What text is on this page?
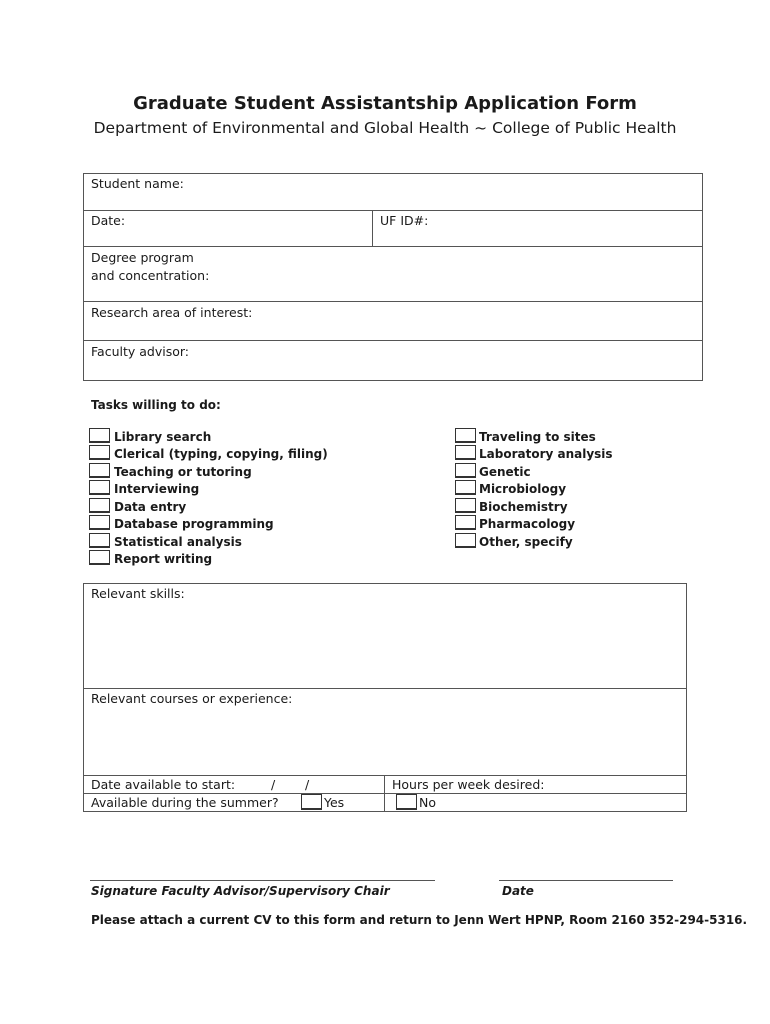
Graduate Student Assistantship Application Form
Department of Environmental and Global Health ~ College of Public Health
Student name:
Date:	UF ID#:
Degree program
and concentration:
Research area of interest:
Faculty advisor:
Tasks willing to do:
Library search
Clerical (typing, copying, filing)
Teaching or tutoring
Interviewing
Data entry
Database programming
Statistical analysis
Report writing
Traveling to sites
Laboratory analysis
Genetic
Microbiology
Biochemistry
Pharmacology
Other, specify
Relevant skills:
Relevant courses or experience:
Date available to start:	/ /	Hours per week desired:
Available during the summer?	Yes	No
Signature Faculty Advisor/Supervisory Chair	Date
Please attach a current CV to this form and return to Jenn Wert HPNP, Room 2160 352-294-5316.
